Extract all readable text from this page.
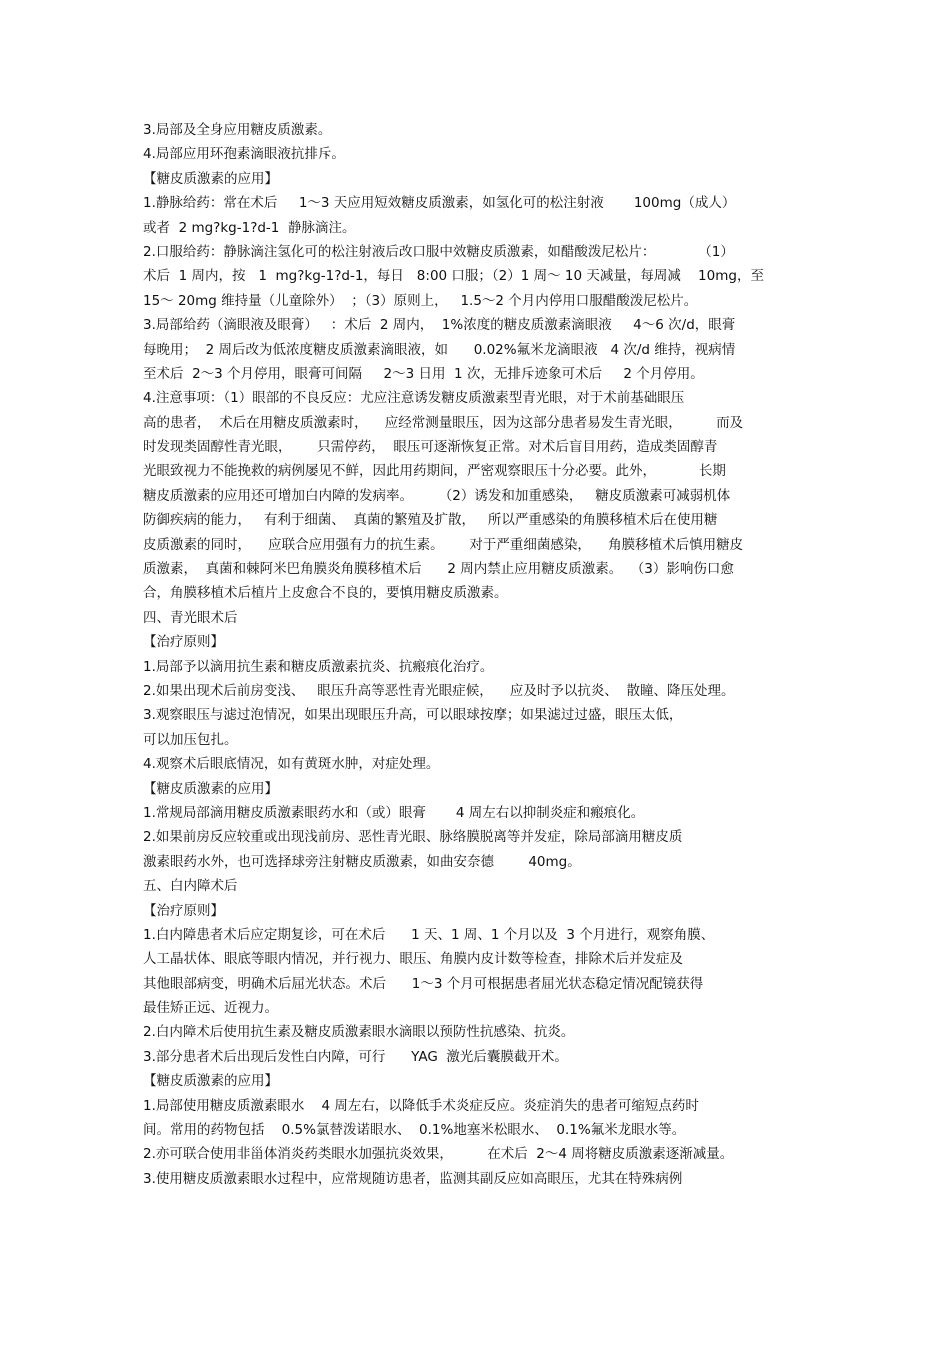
3.局部及全身应用糖皮质激素。
4.局部应用环孢素滴眼液抗排斥。
【糖皮质激素的应用】
1.静脉给药：常在术后     1～3 天应用短效糖皮质激素，如氢化可的松注射液       100mg（成人）
或者  2 mg?kg-1?d-1  静脉滴注。
2.口服给药：静脉滴注氢化可的松注射液后改口服中效糖皮质激素，如醋酸泼尼松片：          （1）
术后  1 周内，按   1  mg?kg-1?d-1，每日   8:00 口服；（2）1 周～ 10 天减量，每周减    10mg，至
15～ 20mg 维持量（儿童除外）  ；（3）原则上，   1.5～2 个月内停用口服醋酸泼尼松片。
3.局部给药（滴眼液及眼膏）   ：术后  2 周内，  1%浓度的糖皮质激素滴眼液     4～6 次/d，眼膏
每晚用；  2 周后改为低浓度糖皮质激素滴眼液，如      0.02%氟米龙滴眼液   4 次/d 维持，视病情
至术后  2～3 个月停用，眼膏可间隔     2～3 日用  1 次，无排斥迹象可术后     2 个月停用。
4.注意事项：（1）眼部的不良反应：尤应注意诱发糖皮质激素型青光眼，对于术前基础眼压
高的患者，  术后在用糖皮质激素时，    应经常测量眼压，因为这部分患者易发生青光眼，        而及
时发现类固醇性青光眼，      只需停药，  眼压可逐渐恢复正常。对术后盲目用药，造成类固醇青
光眼致视力不能挽救的病例屡见不鲜，因此用药期间，严密观察眼压十分必要。此外，          长期
糖皮质激素的应用还可增加白内障的发病率。      （2）诱发和加重感染，   糖皮质激素可减弱机体
防御疾病的能力，   有利于细菌、  真菌的繁殖及扩散，   所以严重感染的角膜移植术后在使用糖
皮质激素的同时，    应联合应用强有力的抗生素。      对于严重细菌感染，    角膜移植术后慎用糖皮
质激素，  真菌和棘阿米巴角膜炎角膜移植术后      2 周内禁止应用糖皮质激素。  （3）影响伤口愈
合，角膜移植术后植片上皮愈合不良的，要慎用糖皮质激素。
四、青光眼术后
【治疗原则】
1.局部予以滴用抗生素和糖皮质激素抗炎、抗瘢痕化治疗。
2.如果出现术后前房变浅、   眼压升高等恶性青光眼症候，    应及时予以抗炎、  散瞳、降压处理。
3.观察眼压与滤过泡情况，如果出现眼压升高，可以眼球按摩；如果滤过过盛，眼压太低，
可以加压包扎。
4.观察术后眼底情况，如有黄斑水肿，对症处理。
【糖皮质激素的应用】
1.常规局部滴用糖皮质激素眼药水和（或）眼膏       4 周左右以抑制炎症和瘢痕化。
2.如果前房反应较重或出现浅前房、恶性青光眼、脉络膜脱离等并发症，除局部滴用糖皮质
激素眼药水外，也可选择球旁注射糖皮质激素，如曲安奈德        40mg。
五、白内障术后
【治疗原则】
1.白内障患者术后应定期复诊，可在术后      1 天、1 周、1 个月以及  3 个月进行，观察角膜、
人工晶状体、眼底等眼内情况，并行视力、眼压、角膜内皮计数等检查，排除术后并发症及
其他眼部病变，明确术后屈光状态。术后      1～3 个月可根据患者屈光状态稳定情况配镜获得
最佳矫正远、近视力。
2.白内障术后使用抗生素及糖皮质激素眼水滴眼以预防性抗感染、抗炎。
3.部分患者术后出现后发性白内障，可行      YAG  激光后囊膜截开术。
【糖皮质激素的应用】
1.局部使用糖皮质激素眼水    4 周左右，以降低手术炎症反应。炎症消失的患者可缩短点药时
间。常用的药物包括    0.5%氯替泼诺眼水、  0.1%地塞米松眼水、  0.1%氟米龙眼水等。
2.亦可联合使用非甾体消炎药类眼水加强抗炎效果，        在术后  2～4 周将糖皮质激素逐渐减量。
3.使用糖皮质激素眼水过程中，应常规随访患者，监测其副反应如高眼压，尤其在特殊病例
